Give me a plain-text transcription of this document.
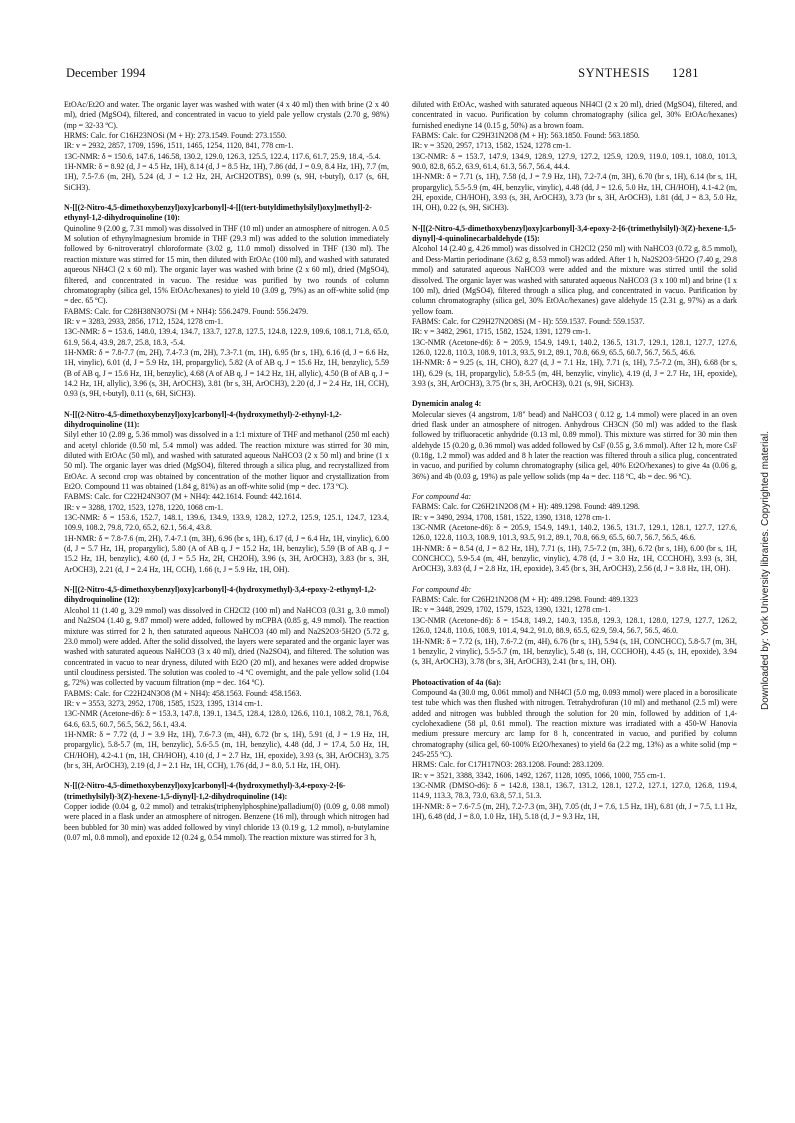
December 1994	SYNTHESIS 1281

EtOAc/Et2O and water. The organic layer was washed with water (4 x 40 ml) then with brine (2 x 40 ml), dried (MgSO4), filtered, and concentrated in vacuo to yield pale yellow crystals (2.70 g, 98%) (mp = 32-33 ºC).

HRMS: Calc. for C16H23NOSi (M + H): 273.1549. Found: 273.1550.

IR: v = 2932, 2857, 1709, 1596, 1511, 1465, 1254, 1120, 841, 778 cm-1.

13C-NMR: δ = 150.6, 147.6, 146.58, 130.2, 129.0, 126.3, 125.5, 122.4, 117.6, 61.7, 25.9, 18.4, -5.4.

1H-NMR: δ = 8.92 (d, J = 4.5 Hz, 1H), 8.14 (d, J = 8.5 Hz, 1H), 7.86 (dd, J = 0.9, 8.4 Hz, 1H), 7.7 (m, 1H), 7.5-7.6 (m, 2H), 5.24 (d, J = 1.2 Hz, 2H, ArCH2OTBS), 0.99 (s, 9H, t-butyl), 0.17 (s, 6H, SiCH3).

N-[[(2-Nitro-4,5-dimethoxybenzyl)oxy]carbonyl]-4-[[(tert-butyldimethylsilyl)oxy]methyl]-2-ethynyl-1,2-dihydroquinoline (10):

Quinoline 9 (2.00 g, 7.31 mmol) was dissolved in THF (10 ml) under an atmosphere of nitrogen. A 0.5 M solution of ethynylmagnesium bromide in THF (29.3 ml) was added to the solution immediately followed by 6-nitroveratryl chloroformate (3.02 g, 11.0 mmol) dissolved in THF (130 ml). The reaction mixture was stirred for 15 min, then diluted with EtOAc (100 ml), and washed with saturated aqueous NH4Cl (2 x 60 ml). The organic layer was washed with brine (2 x 60 ml), dried (MgSO4), filtered, and concentrated in vacuo. The residue was purified by two rounds of column chromatography (silica gel, 15% EtOAc/hexanes) to yield 10 (3.09 g, 79%) as an off-white solid (mp = dec. 65 ºC).

FABMS: Calc. for C28H38N3O7Si (M + NH4): 556.2479. Found: 556.2479.

IR: v = 3283, 2933, 2856, 1712, 1524, 1278 cm-1.

13C-NMR: δ = 153.6, 148.0, 139.4, 134.7, 133.7, 127.8, 127.5, 124.8, 122.9, 109.6, 108.1, 71.8, 65.0, 61.9, 56.4, 43.9, 28.7, 25.8, 18.3, -5.4.

1H-NMR: δ = 7.8-7.7 (m, 2H), 7.4-7.3 (m, 2H), 7.3-7.1 (m, 1H), 6.95 (br s, 1H), 6.16 (d, J = 6.6 Hz, 1H, vinylic), 6.01 (d, J = 5.9 Hz, 1H, propargylic), 5.82 (A of AB q, J = 15.6 Hz, 1H, benzylic), 5.59 (B of AB q, J = 15.6 Hz, 1H, benzylic), 4.68 (A of AB q, J = 14.2 Hz, 1H, allylic), 4.50 (B of AB q, J = 14.2 Hz, 1H, allylic), 3.96 (s, 3H, ArOCH3), 3.81 (br s, 3H, ArOCH3), 2.20 (d, J = 2.4 Hz, 1H, CCH), 0.93 (s, 9H, t-butyl), 0.11 (s, 6H, SiCH3).

N-[[(2-Nitro-4,5-dimethoxybenzyl)oxy]carbonyl]-4-(hydroxymethyl)-2-ethynyl-1,2-dihydroquinoline (11):

Silyl ether 10 (2.89 g, 5.36 mmol) was dissolved in a 1:1 mixture of THF and methanol (250 ml each) and acetyl chloride (0.50 ml, 5.4 mmol) was added. The reaction mixture was stirred for 30 min, diluted with EtOAc (50 ml), and washed with saturated aqueous NaHCO3 (2 x 50 ml) and brine (1 x 50 ml). The organic layer was dried (MgSO4), filtered through a silica plug, and recrystallized from EtOAc. A second crop was obtained by concentration of the mother liquor and crystallization from Et2O. Compound 11 was obtained (1.84 g, 81%) as an off-white solid (mp = dec. 173 ºC).

FABMS: Calc. for C22H24N3O7 (M + NH4): 442.1614. Found: 442.1614.

IR: v = 3288, 1702, 1523, 1278, 1220, 1068 cm-1.

13C-NMR: δ = 153.6, 152.7, 148.1, 139.6, 134.9, 133.9, 128.2, 127.2, 125.9, 125.1, 124.7, 123.4, 109.9, 108.2, 79.8, 72.0, 65.2, 62.1, 56.4, 43.8.

1H-NMR: δ = 7.8-7.6 (m, 2H), 7.4-7.1 (m, 3H), 6.96 (br s, 1H), 6.17 (d, J = 6.4 Hz, 1H, vinylic), 6.00 (d, J = 5.7 Hz, 1H, propargylic), 5.80 (A of AB q, J = 15.2 Hz, 1H, benzylic), 5.59 (B of AB q, J = 15.2 Hz, 1H, benzylic), 4.60 (d, J = 5.5 Hz, 2H, CH2OH), 3.96 (s, 3H, ArOCH3), 3.83 (br s, 3H, ArOCH3), 2.21 (d, J = 2.4 Hz, 1H, CCH), 1.66 (t, J = 5.9 Hz, 1H, OH).

N-[[(2-Nitro-4,5-dimethoxybenzyl)oxy]carbonyl]-4-(hydroxymethyl)-3,4-epoxy-2-ethynyl-1,2-dihydroquinoline (12):

Alcohol 11 (1.40 g, 3.29 mmol) was dissolved in CH2Cl2 (100 ml) and NaHCO3 (0.31 g, 3.0 mmol) and Na2SO4 (1.40 g, 9.87 mmol) were added, followed by mCPBA (0.85 g, 4.9 mmol). The reaction mixture was stirred for 2 h, then saturated aqueous NaHCO3 (40 ml) and Na2S2O3·5H2O (5.72 g, 23.0 mmol) were added. After the solid dissolved, the layers were separated and the organic layer was washed with saturated aqueous NaHCO3 (3 x 40 ml), dried (Na2SO4), and filtered. The solution was concentrated in vacuo to near dryness, diluted with Et2O (20 ml), and hexanes were added dropwise until cloudiness persisted. The solution was cooled to -4 ºC overnight, and the pale yellow solid (1.04 g, 72%) was collected by vacuum filtration (mp = dec. 164 ºC).

FABMS: Calc. for C22H24N3O8 (M + NH4): 458.1563. Found: 458.1563.

IR: v = 3553, 3273, 2952, 1708, 1585, 1523, 1395, 1314 cm-1.

13C-NMR (Acetone-d6): δ = 153.3, 147.8, 139.1, 134.5, 128.4, 128.0, 126.6, 110.1, 108.2, 78.1, 76.8, 64.6, 63.5, 60.7, 56.5, 56.2, 56.1, 43.4.

1H-NMR: δ = 7.72 (d, J = 3.9 Hz, 1H), 7.6-7.3 (m, 4H), 6.72 (br s, 1H), 5.91 (d, J = 1.9 Hz, 1H, propargylic), 5.8-5.7 (m, 1H, benzylic), 5.6-5.5 (m, 1H, benzylic), 4.48 (dd, J = 17.4, 5.0 Hz, 1H, CH/HOH), 4.2-4.1 (m, 1H, CH/HOH), 4.10 (d, J = 2.7 Hz, 1H, epoxide), 3.93 (s, 3H, ArOCH3), 3.75 (br s, 3H, ArOCH3), 2.19 (d, J = 2.1 Hz, 1H, CCH), 1.76 (dd, J = 8.0, 5.1 Hz, 1H, OH).

N-[[(2-Nitro-4,5-dimethoxybenzyl)oxy]carbonyl]-4-(hydroxymethyl)-3,4-epoxy-2-[6-(trimethylsilyl)-3(Z)-hexene-1,5-diynyl]-1,2-dihydroquinoline (14):

Copper iodide (0.04 g, 0.2 mmol) and tetrakis(triphenylphosphine)palladium(0) (0.09 g, 0.08 mmol) were placed in a flask under an atmosphere of nitrogen. Benzene (16 ml), through which nitrogen had been bubbled for 30 min) was added followed by vinyl chloride 13 (0.19 g, 1.2 mmol), n-butylamine (0.07 ml, 0.8 mmol), and epoxide 12 (0.24 g, 0.54 mmol). The reaction mixture was stirred for 3 h,

diluted with EtOAc, washed with saturated aqueous NH4Cl (2 x 20 ml), dried (MgSO4), filtered, and concentrated in vacuo. Purification by column chromatography (silica gel, 30% EtOAc/hexanes) furnished enediyne 14 (0.15 g, 50%) as a brown foam.

FABMS: Calc. for C29H31N2O8 (M + H): 563.1850. Found: 563.1850.

IR: v = 3520, 2957, 1713, 1582, 1524, 1278 cm-1.

13C-NMR: δ = 153.7, 147.9, 134.9, 128.9, 127.9, 127.2, 125.9, 120.9, 119.0, 109.1, 108.0, 101.3, 90.0, 82.8, 65.2, 63.9, 61.4, 61.3, 56.7, 56.4, 44.4.

1H-NMR: δ = 7.71 (s, 1H), 7.58 (d, J = 7.9 Hz, 1H), 7.2-7.4 (m, 3H), 6.70 (br s, 1H), 6.14 (br s, 1H, propargylic), 5.5-5.9 (m, 4H, benzylic, vinylic), 4.48 (dd, J = 12.6, 5.0 Hz, 1H, CH/HOH), 4.1-4.2 (m, 2H, epoxide, CH/HOH), 3.93 (s, 3H, ArOCH3), 3.73 (br s, 3H, ArOCH3), 1.81 (dd, J = 8.3, 5.0 Hz, 1H, OH), 0.22 (s, 9H, SiCH3).

N-[[(2-Nitro-4,5-dimethoxybenzyl)oxy]carbonyl]-3,4-epoxy-2-[6-(trimethylsilyl)-3(Z)-hexene-1,5-diynyl]-4-quinolinecarbaldehyde (15):

Alcohol 14 (2.40 g, 4.26 mmol) was dissolved in CH2Cl2 (250 ml) with NaHCO3 (0.72 g, 8.5 mmol), and Dess-Martin periodinane (3.62 g, 8.53 mmol) was added. After 1 h, Na2S2O3·5H2O (7.40 g, 29.8 mmol) and saturated aqueous NaHCO3 were added and the mixture was stirred until the solid dissolved. The organic layer was washed with saturated aqueous NaHCO3 (3 x 100 ml) and brine (1 x 100 ml), dried (MgSO4), filtered through a silica plug, and concentrated in vacuo. Purification by column chromatography (silica gel, 30% EtOAc/hexanes) gave aldehyde 15 (2.31 g, 97%) as a dark yellow foam.

FABMS: Calc. for C29H27N2O8Si (M - H): 559.1537. Found: 559.1537.

IR: v = 3482, 2961, 1715, 1582, 1524, 1391, 1279 cm-1.

13C-NMR (Acetone-d6): δ = 205.9, 154.9, 149.1, 140.2, 136.5, 131.7, 129.1, 128.1, 127.7, 127.6, 126.0, 122.8, 110.3, 108.9, 101.3, 93.5, 91.2, 89.1, 70.8, 66.9, 65.5, 60.7, 56.7, 56.5, 46.6.

1H-NMR: δ = 9.25 (s, 1H, CHO), 8.27 (d, J = 7.1 Hz, 1H), 7.71 (s, 1H), 7.5-7.2 (m, 3H), 6.68 (br s, 1H), 6.29 (s, 1H, propargylic), 5.8-5.5 (m, 4H, benzylic, vinylic), 4.19 (d, J = 2.7 Hz, 1H, epoxide), 3.93 (s, 3H, ArOCH3), 3.75 (br s, 3H, ArOCH3), 0.21 (s, 9H, SiCH3).

Dynemicin analog 4:

Molecular sieves (4 angstrom, 1/8" bead) and NaHCO3 ( 0.12 g, 1.4 mmol) were placed in an oven dried flask under an atmosphere of nitrogen. Anhydrous CH3CN (50 ml) was added to the flask followed by trifluoracetic anhydride (0.13 ml, 0.89 mmol). This mixture was stirred for 30 min then aldehyde 15 (0.20 g, 0.36 mmol) was added followed by CsF (0.55 g, 3.6 mmol). After 12 h, more CsF (0.18g, 1.2 mmol) was added and 8 h later the reaction was filtered throuh a silica plug, concentrated in vacuo, and purified by column chromatography (silica gel, 40% Et2O/hexanes) to give 4a (0.06 g, 36%) and 4b (0.03 g, 19%) as pale yellow solids (mp 4a = dec. 118 ºC, 4b = dec. 96 ºC).

For compound 4a:

FABMS: Calc. for C26H21N2O8 (M + H): 489.1298. Found: 489.1298.

IR: v = 3490, 2934, 1708, 1581, 1522, 1390, 1318, 1278 cm-1.

13C-NMR (Acetone-d6): δ = 205.9, 154.9, 149.1, 140.2, 136.5, 131.7, 129.1, 128.1, 127.7, 127.6, 126.0, 122.8, 110.3, 108.9, 101.3, 93.5, 91.2, 89.1, 70.8, 66.9, 65.5, 60.7, 56.7, 56.5, 46.6.

1H-NMR: δ = 8.54 (d, J = 8.2 Hz, 1H), 7.71 (s, 1H), 7.5-7.2 (m, 3H), 6.72 (br s, 1H), 6.00 (br s, 1H, CONCHCC), 5.9-5.4 (m, 4H, benzylic, vinylic), 4.78 (d, J = 3.0 Hz, 1H, CCCHOH), 3.93 (s, 3H, ArOCH3), 3.83 (d, J = 2.8 Hz, 1H, epoxide), 3.45 (br s, 3H, ArOCH3), 2.56 (d, J = 3.8 Hz, 1H, OH).

For compound 4b:

FABMS: Calc. for C26H21N2O8 (M + H): 489.1298. Found: 489.1323

IR: v = 3448, 2929, 1702, 1579, 1523, 1390, 1321, 1278 cm-1.

13C-NMR (Acetone-d6): δ = 154.8, 149.2, 140.3, 135.8, 129.3, 128.1, 128.0, 127.9, 127.7, 126.2, 126.0, 124.8, 110.6, 108.9, 101.4, 94.2, 91.0, 88.9, 65.5, 62.9, 59.4, 56.7, 56.5, 46.0.

1H-NMR: δ = 7.72 (s, 1H), 7.6-7.2 (m, 4H), 6.76 (br s, 1H), 5.94 (s, 1H, CONCHCC), 5.8-5.7 (m, 3H, 1 benzylic, 2 vinylic), 5.5-5.7 (m, 1H, benzylic), 5.48 (s, 1H, CCCHOH), 4.45 (s, 1H, epoxide), 3.94 (s, 3H, ArOCH3), 3.78 (br s, 3H, ArOCH3), 2.41 (br s, 1H, OH).

Photoactivation of 4a (6a):

Compound 4a (30.0 mg, 0.061 mmol) and NH4Cl (5.0 mg, 0.093 mmol) were placed in a borosilicate test tube which was then flushed with nitrogen. Tetrahydrofuran (10 ml) and methanol (2.5 ml) were added and nitrogen was bubbled through the solution for 20 min, followed by addition of 1,4-cyclohexadiene (58 µl, 0.61 mmol). The reaction mixture was irradiated with a 450-W Hanovia medium pressure mercury arc lamp for 8 h, concentrated in vacuo, and purified by column chromatography (silica gel, 60-100% Et2O/hexanes) to yield 6a (2.2 mg, 13%) as a white solid (mp = 245-255 ºC).

HRMS: Calc. for C17H17NO3: 283.1208. Found: 283.1209.

IR: v = 3521, 3388, 3342, 1606, 1492, 1267, 1128, 1095, 1066, 1000, 755 cm-1.

13C-NMR (DMSO-d6): δ = 142.8, 138.1, 136.7, 131.2, 128.1, 127.2, 127.1, 127.0, 126.8, 119.4, 114.9, 113.3, 78.3, 73.0, 63.8, 57.1, 51.3.

1H-NMR: δ = 7.6-7.5 (m, 2H), 7.2-7.3 (m, 3H), 7.05 (dt, J = 7.6, 1.5 Hz, 1H), 6.81 (dt, J = 7.5, 1.1 Hz, 1H), 6.48 (dd, J = 8.0, 1.0 Hz, 1H), 5.18 (d, J = 9.3 Hz, 1H,

Downloaded by: York University libraries. Copyrighted material.
